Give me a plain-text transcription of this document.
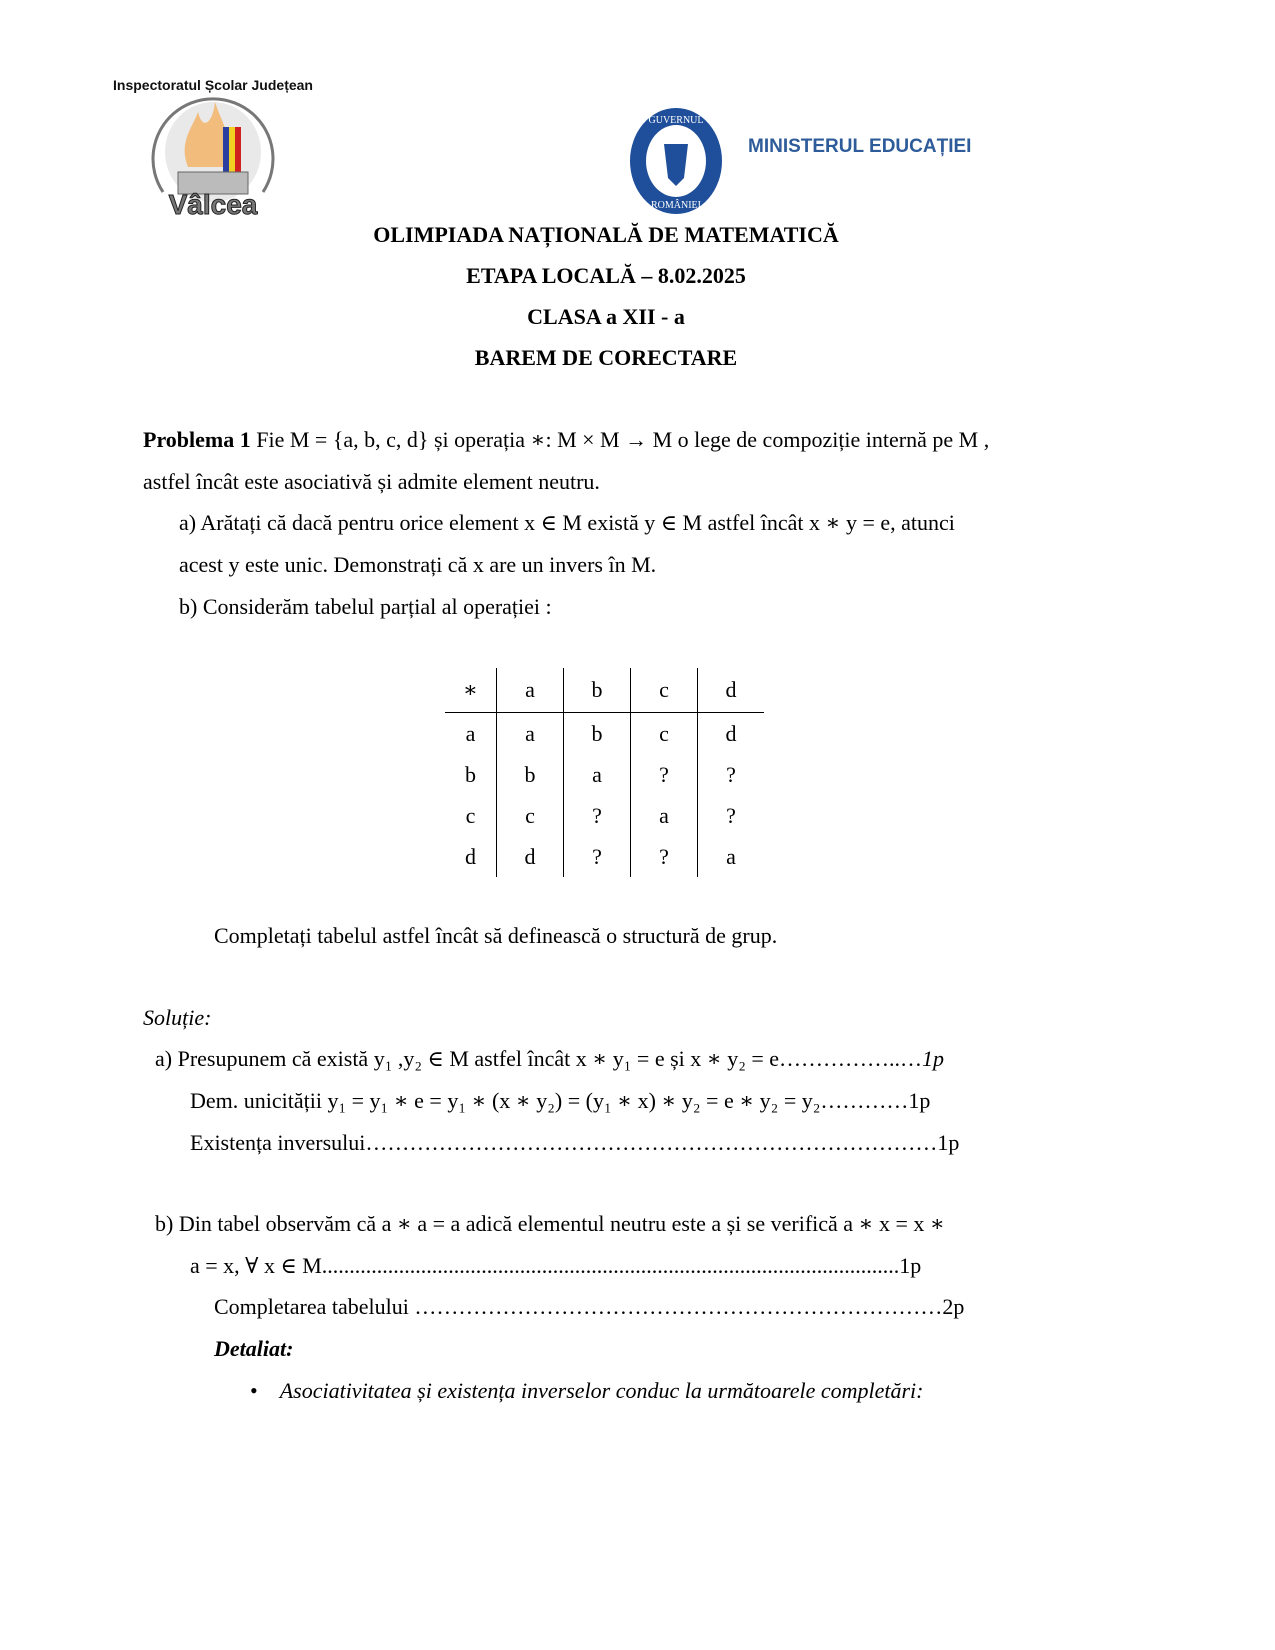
Vâlcea
Inspectoratul Școlar Județean
GUVERNUL
ROMÂNIEI
MINISTERUL EDUCAȚIEI
OLIMPIADA NAȚIONALĂ DE MATEMATICĂ
ETAPA LOCALĂ – 8.02.2025
CLASA a XII - a
BAREM DE CORECTARE
Problema 1 Fie M = {a, b, c, d} și operația ∗: M × M → M o lege de compoziție internă pe M ,
astfel încât este asociativă și admite element neutru.
a) Arătați că dacă pentru orice element x ∈ M există y ∈ M astfel încât x ∗ y = e, atunci
acest y este unic. Demonstrați că x are un invers în M.
b) Considerăm tabelul parțial al operației :
∗	a	b	c	d
a	a	b	c	d
b	b	a	?	?
c	c	?	a	?
d	d	?	?	a
Completați tabelul astfel încât să definească o structură de grup.
Soluție:
a) Presupunem că există y₁ ,y₂ ∈ M astfel încât x ∗ y₁ = e și x ∗ y₂ = e……………..…1p
Dem. unicității y₁ = y₁ ∗ e = y₁ ∗ (x ∗ y₂) = (y₁ ∗ x) ∗ y₂ = e ∗ y₂ = y₂…………1p
Existența inversului……………………………………………………………………1p
b) Din tabel observăm că a ∗ a = a adică elementul neutru este a și se verifică a ∗ x = x ∗
a = x, ∀ x ∈ M.........................................................................................................1p
Completarea tabelului ………………………………………………………………2p
Detaliat:
• Asociativitatea și existența inverselor conduc la următoarele completări:
